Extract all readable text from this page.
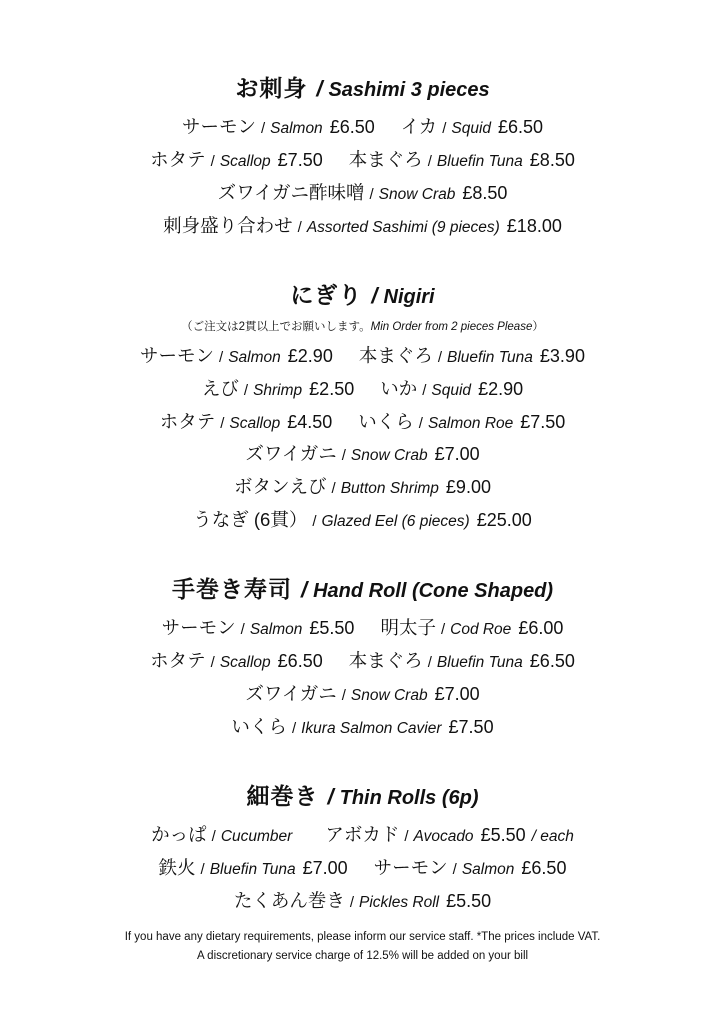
お刺身 / Sashimi 3 pieces
サーモン / Salmon £6.50 イカ / Squid £6.50
ホタテ / Scallop £7.50 本まぐろ / Bluefin Tuna £8.50
ズワイガニ酢味噌 / Snow Crab £8.50
刺身盛り合わせ / Assorted Sashimi (9 pieces) £18.00
にぎり / Nigiri
（ご注文は2貫以上でお願いします。Min Order from 2 pieces Please）
サーモン / Salmon £2.90 本まぐろ / Bluefin Tuna £3.90
えび / Shrimp £2.50 いか / Squid £2.90
ホタテ / Scallop £4.50 いくら / Salmon Roe £7.50
ズワイガニ / Snow Crab £7.00
ボタンえび / Button Shrimp £9.00
うなぎ (6貫） / Glazed Eel (6 pieces) £25.00
手巻き寿司 / Hand Roll (Cone Shaped)
サーモン / Salmon £5.50 明太子 / Cod Roe £6.00
ホタテ / Scallop £6.50 本まぐろ / Bluefin Tuna £6.50
ズワイガニ / Snow Crab £7.00
いくら / Ikura Salmon Cavier £7.50
細巻き / Thin Rolls (6p)
かっぱ / Cucumber アボカド / Avocado £5.50 / each
鉄火 / Bluefin Tuna £7.00 サーモン / Salmon £6.50
たくあん巻き / Pickles Roll £5.50
If you have any dietary requirements, please inform our service staff. *The prices include VAT.
A discretionary service charge of 12.5% will be added on your bill
